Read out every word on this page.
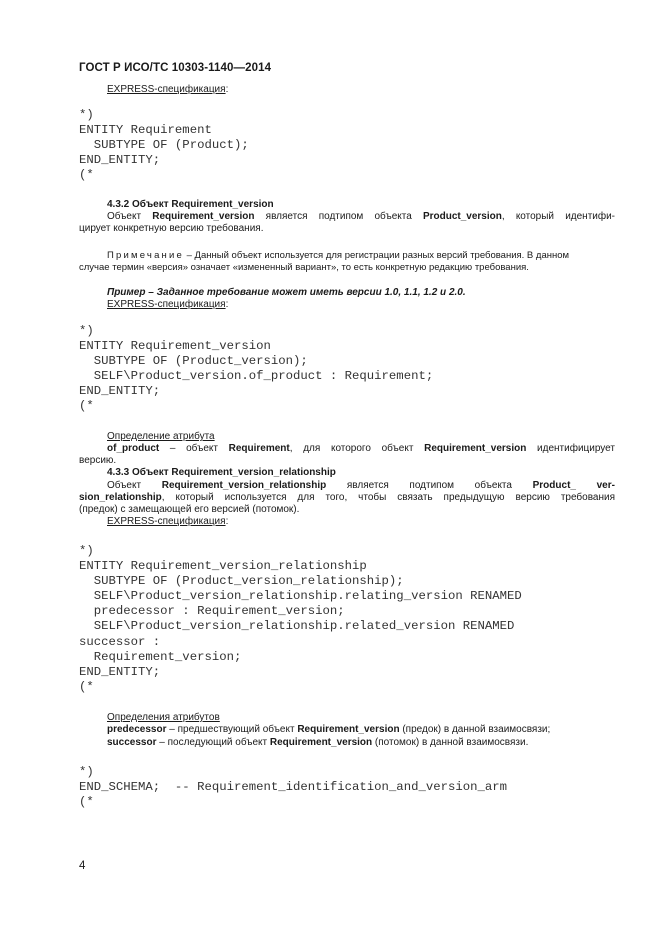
ГОСТ Р ИСО/ТС 10303-1140—2014
EXPRESS-спецификация:
*)
ENTITY Requirement
SUBTYPE OF (Product);
END_ENTITY;
(*
4.3.2 Объект Requirement_version
Объект Requirement_version является подтипом объекта Product_version, который идентифи-
цирует конкретную версию требования.
Примечание – Данный объект используется для регистрации разных версий требования. В данном
случае термин «версия» означает «измененный вариант», то есть конкретную редакцию требования.
Пример – Заданное требование может иметь версии 1.0, 1.1, 1.2 и 2.0.
EXPRESS-спецификация:
*)
ENTITY Requirement_version
SUBTYPE OF (Product_version);
SELF\Product_version.of_product : Requirement;
END_ENTITY;
(*
Определение атрибута
of_product – объект Requirement, для которого объект Requirement_version идентифицирует
версию.
4.3.3 Объект Requirement_version_relationship
Объект Requirement_version_relationship является подтипом объекта Product_ ver-
sion_relationship, который используется для того, чтобы связать предыдущую версию требования
(предок) с замещающей его версией (потомок).
EXPRESS-спецификация:
*)
ENTITY Requirement_version_relationship
SUBTYPE OF (Product_version_relationship);
SELF\Product_version_relationship.relating_version RENAMED
predecessor : Requirement_version;
SELF\Product_version_relationship.related_version RENAMED
successor :
Requirement_version;
END_ENTITY;
(*
Определения атрибутов
predecessor – предшествующий объект Requirement_version (предок) в данной взаимосвязи;
successor – последующий объект Requirement_version (потомок) в данной взаимосвязи.
*)
END_SCHEMA;  -- Requirement_identification_and_version_arm
(*
4
